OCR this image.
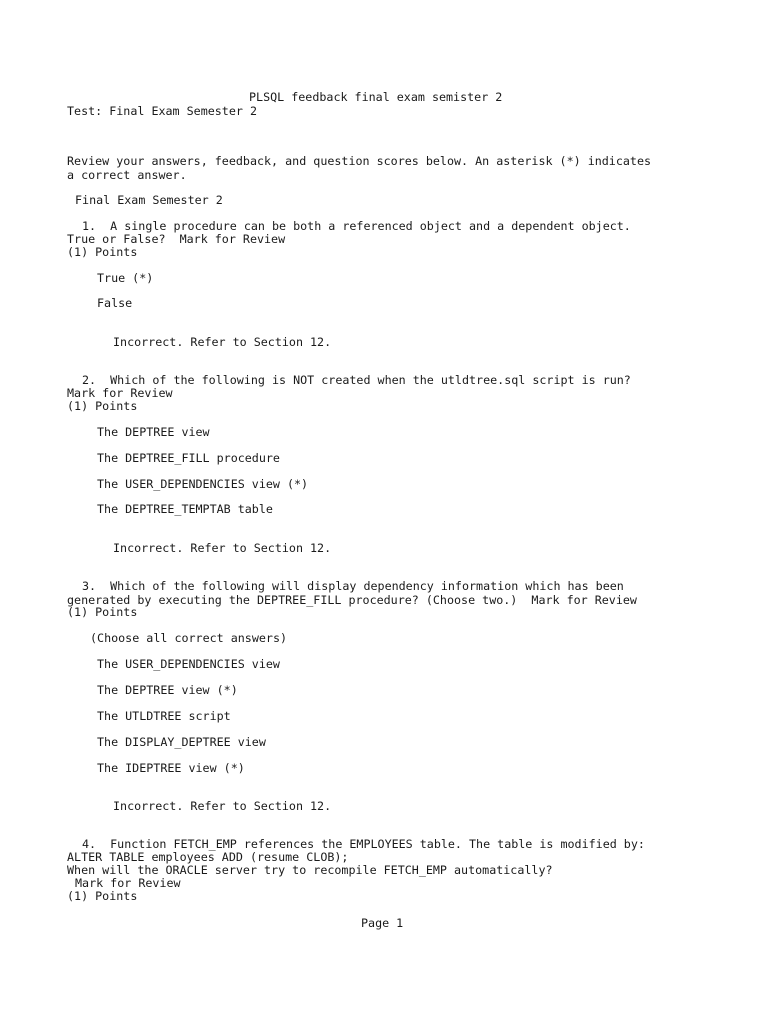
PLSQL feedback final exam semister 2

Test: Final Exam Semester 2

Review your answers, feedback, and question scores below. An asterisk (*) indicates

a correct answer.

Final Exam Semester 2

1.  A single procedure can be both a referenced object and a dependent object.

True or False?  Mark for Review

(1) Points

True (*)

False

Incorrect. Refer to Section 12.

2.  Which of the following is NOT created when the utldtree.sql script is run?

Mark for Review

(1) Points

The DEPTREE view

The DEPTREE_FILL procedure

The USER_DEPENDENCIES view (*)

The DEPTREE_TEMPTAB table

Incorrect. Refer to Section 12.

3.  Which of the following will display dependency information which has been

generated by executing the DEPTREE_FILL procedure? (Choose two.)  Mark for Review

(1) Points

(Choose all correct answers)

The USER_DEPENDENCIES view

The DEPTREE view (*)

The UTLDTREE script

The DISPLAY_DEPTREE view

The IDEPTREE view (*)

Incorrect. Refer to Section 12.

4.  Function FETCH_EMP references the EMPLOYEES table. The table is modified by:

ALTER TABLE employees ADD (resume CLOB);

When will the ORACLE server try to recompile FETCH_EMP automatically?

Mark for Review

(1) Points

Page 1
